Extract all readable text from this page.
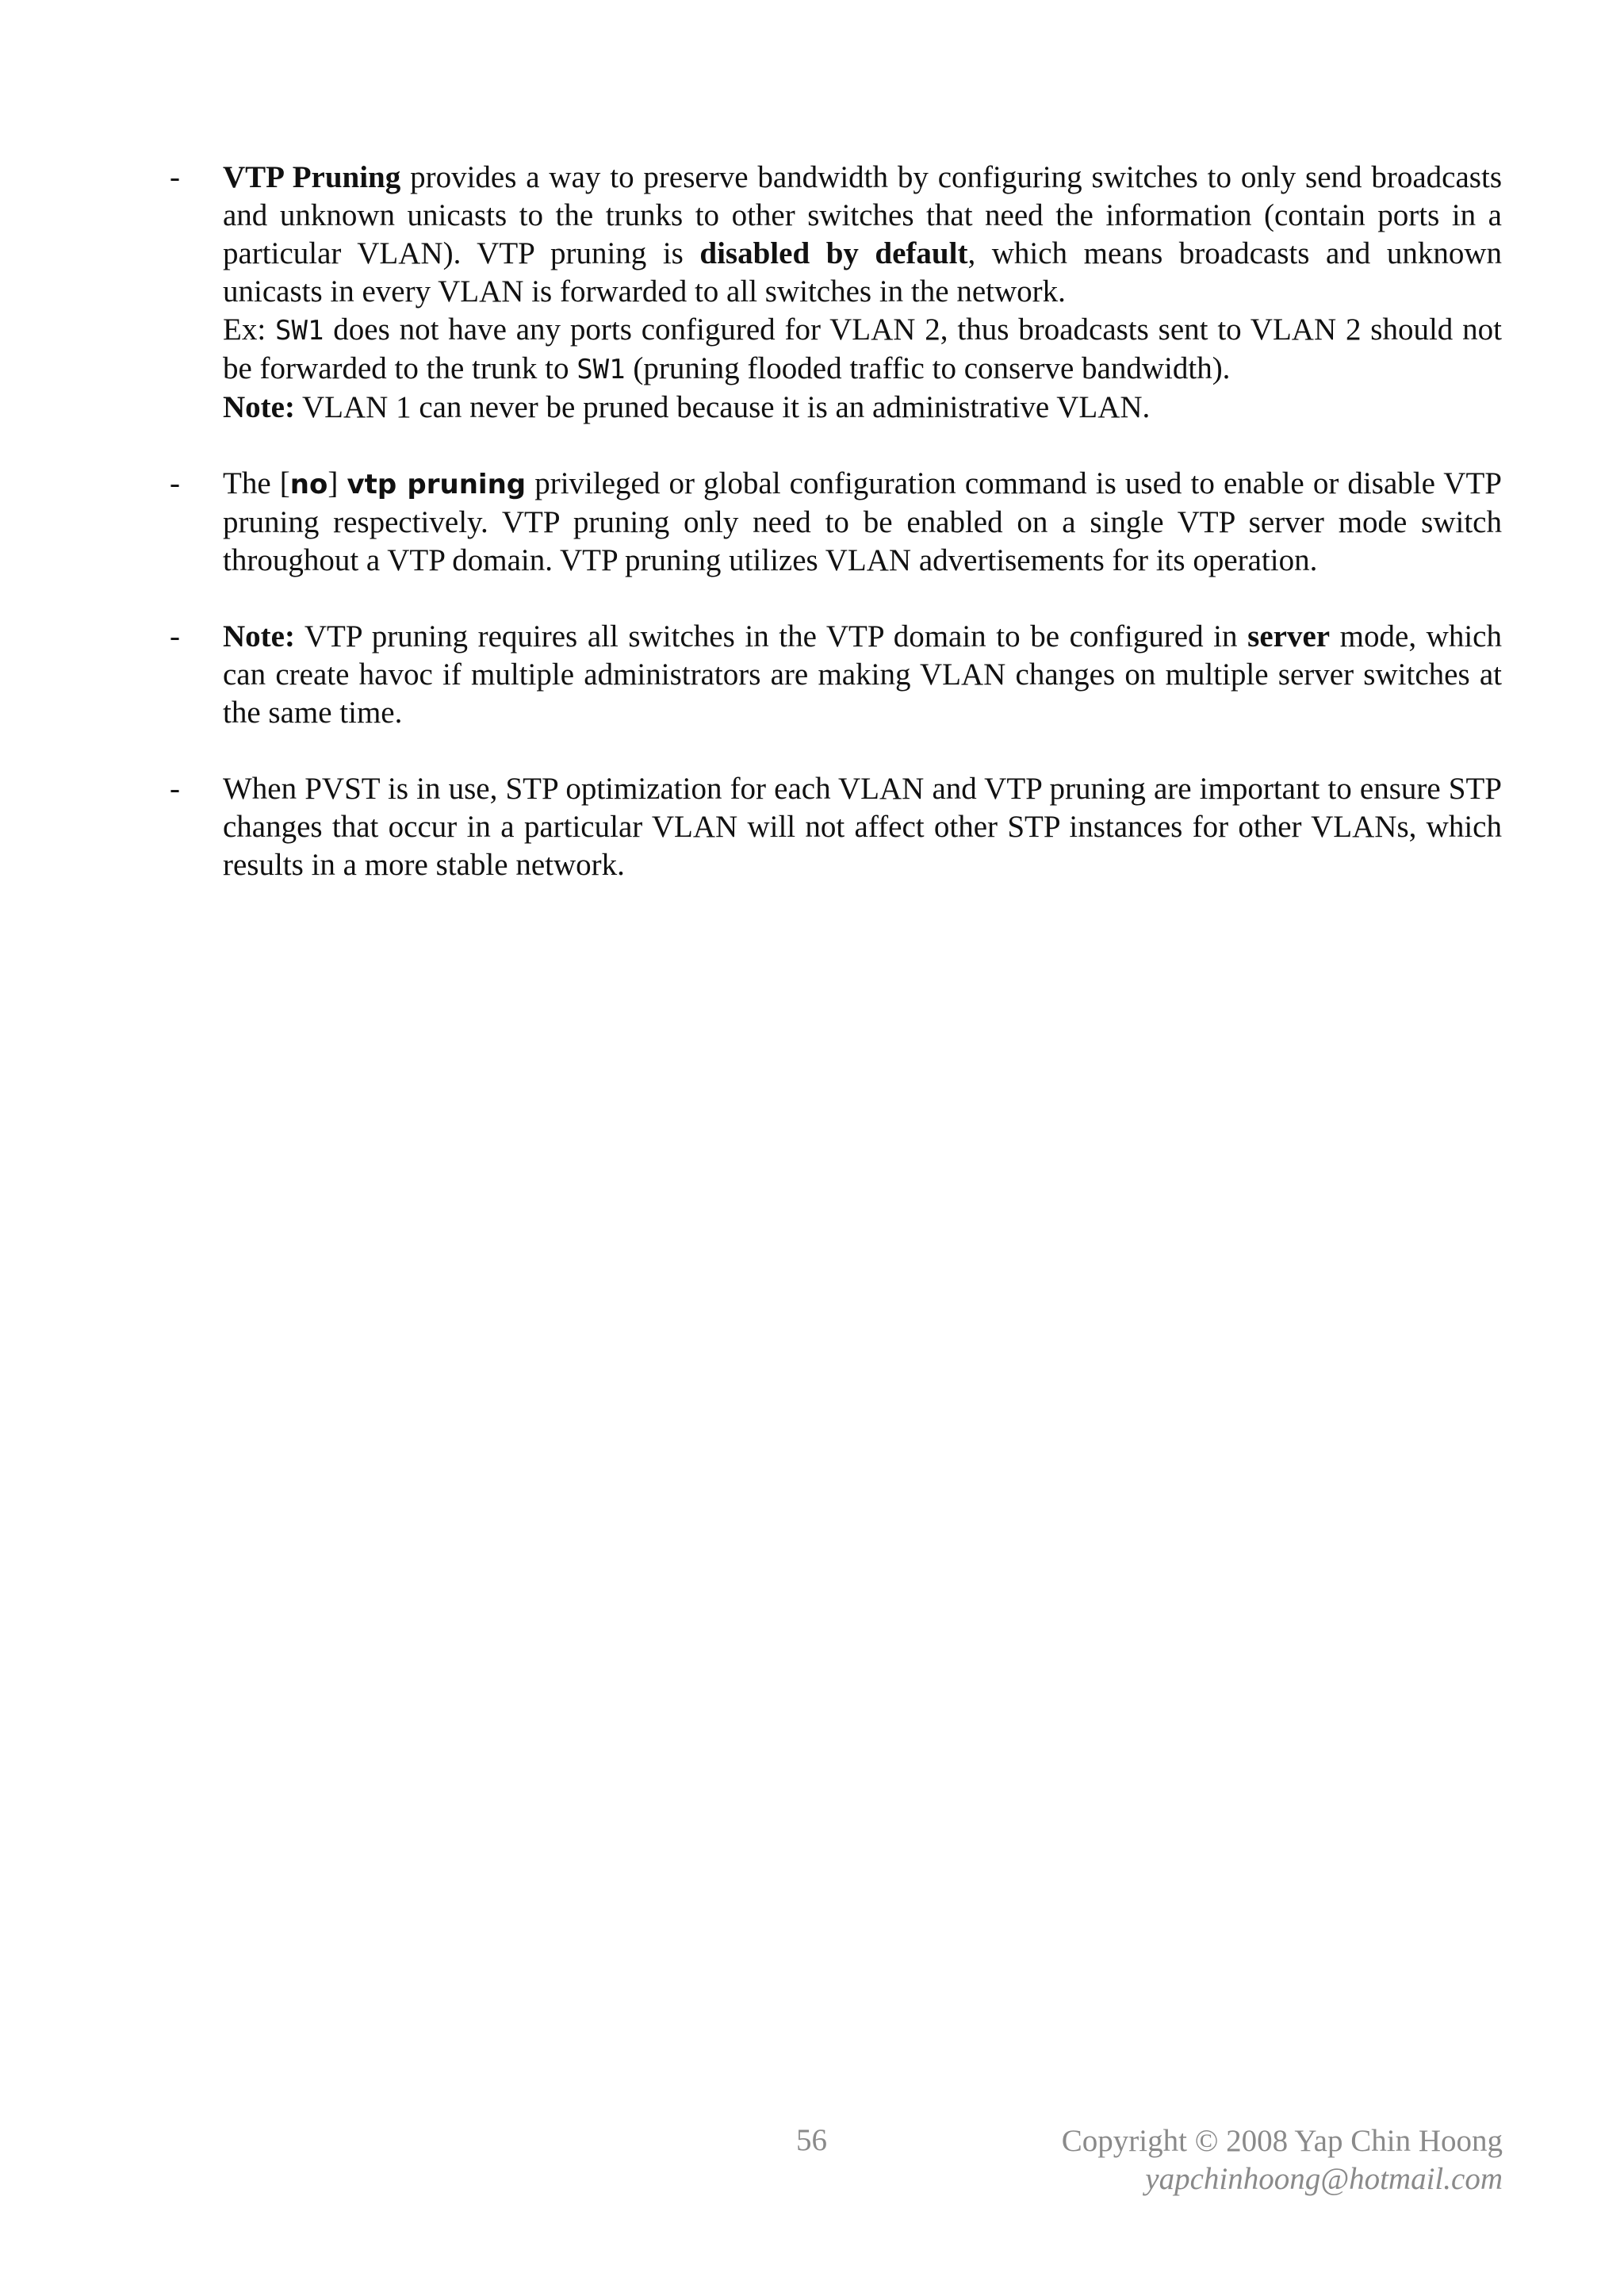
- VTP Pruning provides a way to preserve bandwidth by configuring switches to only send broadcasts and unknown unicasts to the trunks to other switches that need the information (contain ports in a particular VLAN). VTP pruning is disabled by default, which means broadcasts and unknown unicasts in every VLAN is forwarded to all switches in the network.
Ex: SW1 does not have any ports configured for VLAN 2, thus broadcasts sent to VLAN 2 should not be forwarded to the trunk to SW1 (pruning flooded traffic to conserve bandwidth).
Note: VLAN 1 can never be pruned because it is an administrative VLAN.
- The [no] vtp pruning privileged or global configuration command is used to enable or disable VTP pruning respectively. VTP pruning only need to be enabled on a single VTP server mode switch throughout a VTP domain. VTP pruning utilizes VLAN advertisements for its operation.
- Note: VTP pruning requires all switches in the VTP domain to be configured in server mode, which can create havoc if multiple administrators are making VLAN changes on multiple server switches at the same time.
- When PVST is in use, STP optimization for each VLAN and VTP pruning are important to ensure STP changes that occur in a particular VLAN will not affect other STP instances for other VLANs, which results in a more stable network.
56	Copyright © 2008 Yap Chin Hoong
yapchinhoong@hotmail.com
